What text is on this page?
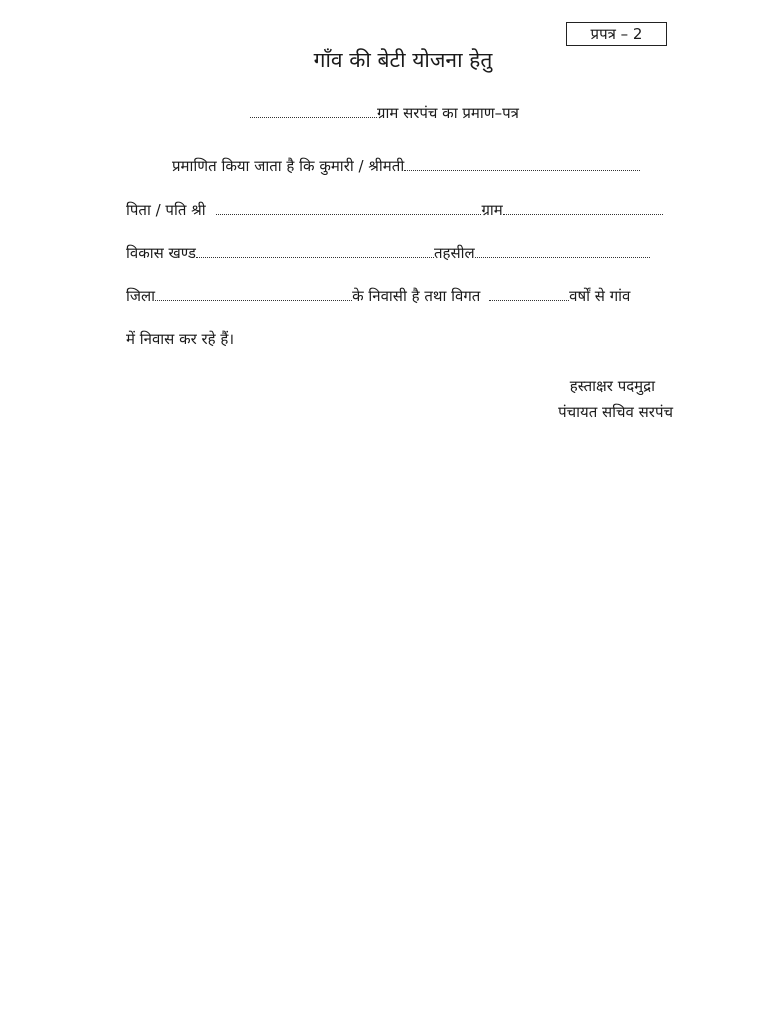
प्रपत्र – 2
गाँव की बेटी योजना हेतु
ग्राम सरपंच का प्रमाण–पत्र
प्रमाणित किया जाता है कि कुमारी / श्रीमती
पिता / पति श्री	ग्राम
विकास खण्ड	तहसील
जिला	के निवासी है तथा विगत	वर्षों से गांव
में निवास कर रहे हैं।
हस्ताक्षर पदमुद्रा
पंचायत सचिव सरपंच
